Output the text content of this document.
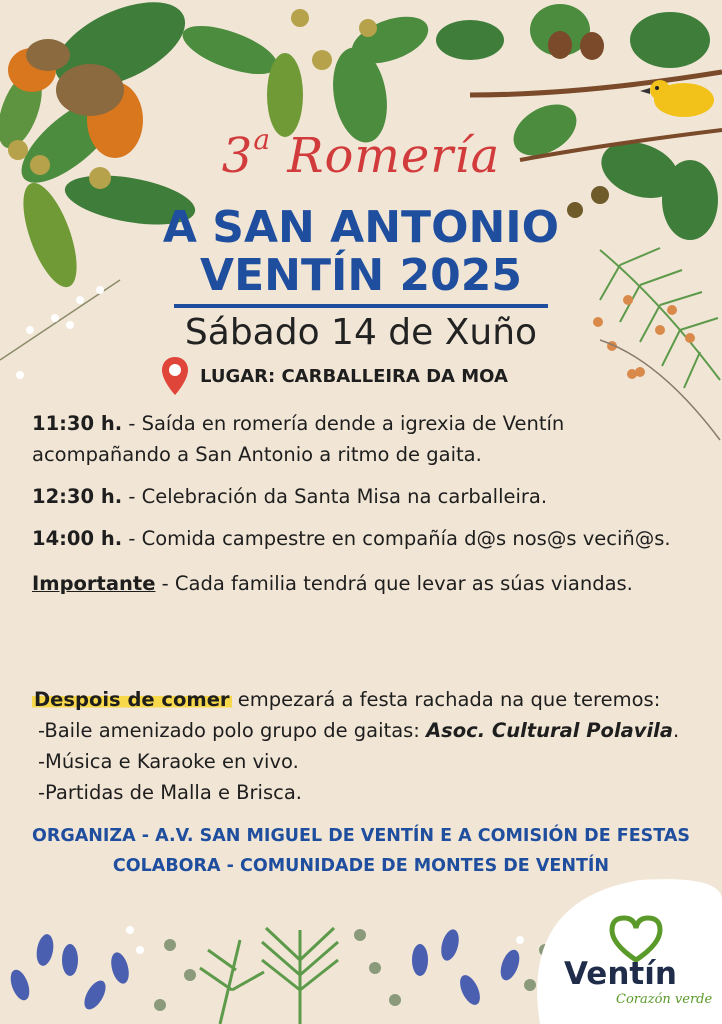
3$^a$ Romería
A SAN ANTONIO
VENTÍN 2025
Sábado 14 de Xuño
LUGAR: CARBALLEIRA DA MOA
11:30 h. - Saída en romería dende a igrexia de Ventín acompañando a San Antonio a ritmo de gaita.
12:30 h. - Celebración da Santa Misa na carballeira.
14:00 h. - Comida campestre en compañía d@s nos@s veciñ@s.
Importante - Cada familia tendrá que levar as súas viandas.
Despois de comer empezará a festa rachada na que teremos:
-Baile amenizado polo grupo de gaitas: Asoc. Cultural Polavila.
-Música e Karaoke en vivo.
-Partidas de Malla e Brisca.
ORGANIZA - A.V. SAN MIGUEL DE VENTÍN E A COMISIÓN DE FESTAS
COLABORA - COMUNIDADE DE MONTES DE VENTÍN
Ventín
Corazón verde
